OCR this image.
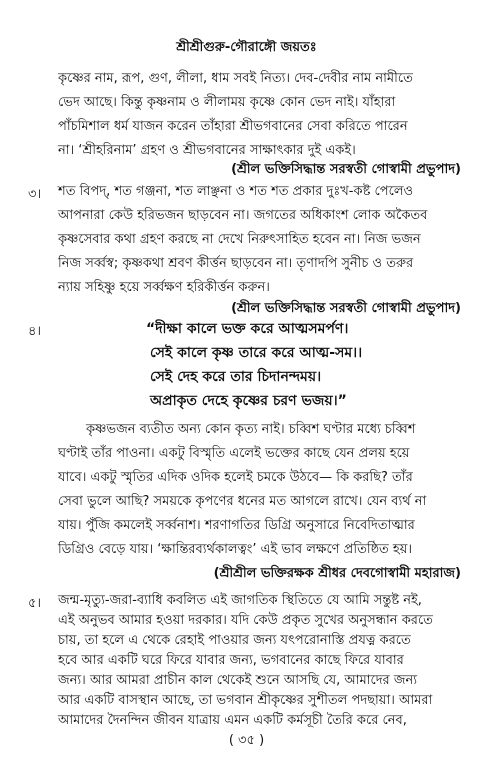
শ্রীশ্রীগুরু-গৌরাঙ্গৌ জয়তঃ
কৃষ্ণের নাম, রূপ, গুণ, লীলা, ধাম সবই নিত্য। দেব-দেবীর নাম নামীতে
ভেদ আছে। কিন্তু কৃষ্ণনাম ও লীলাময় কৃষ্ণে কোন ভেদ নাই। যাঁহারা
পাঁচমিশাল ধর্ম যাজন করেন তাঁহারা শ্রীভগবানের সেবা করিতে পারেন
না। ‘শ্রীহরিনাম’ গ্রহণ ও শ্রীভগবানের সাক্ষাৎকার দুই একই।
(শ্রীল ভক্তিসিদ্ধান্ত সরস্বতী গোস্বামী প্রভুপাদ)
৩। শত বিপদ্, শত গঞ্জনা, শত লাঞ্ছনা ও শত শত প্রকার দুঃখ-কষ্ট পেলেও
আপনারা কেউ হরিভজন ছাড়বেন না। জগতের অধিকাংশ লোক অকৈতব
কৃষ্ণসেবার কথা গ্রহণ করছে না দেখে নিরুৎসাহিত হবেন না। নিজ ভজন
নিজ সর্ব্বস্ব; কৃষ্ণকথা শ্রবণ কীর্ত্তন ছাড়বেন না। তৃণাদপি সুনীচ ও তরুর
ন্যায় সহিষ্ণু হয়ে সর্ব্বক্ষণ হরিকীর্ত্তন করুন।
(শ্রীল ভক্তিসিদ্ধান্ত সরস্বতী গোস্বামী প্রভুপাদ)
৪।	“দীক্ষা কালে ভক্ত করে আত্মসমর্পণ।
সেই কালে কৃষ্ণ তারে করে আত্ম-সম।।
সেই দেহ করে তার চিদানন্দময়।
অপ্রাকৃত দেহে কৃষ্ণের চরণ ভজয়।”
কৃষ্ণভজন ব্যতীত অন্য কোন কৃত্য নাই। চব্বিশ ঘণ্টার মধ্যে চব্বিশ
ঘণ্টাই তাঁর পাওনা। একটু বিস্মৃতি এলেই ভক্তের কাছে যেন প্রলয় হয়ে
যাবে। একটু স্মৃতির এদিক ওদিক হলেই চমকে উঠবে— কি করছি? তাঁর
সেবা ভুলে আছি? সময়কে কৃপণের ধনের মত আগলে রাখে। যেন ব্যর্থ না
যায়। পুঁজি কমলেই সর্ব্বনাশ। শরণাগতির ডিগ্রি অনুসারে নিবেদিতাত্মার
ডিগ্রিও বেড়ে যায়। ‘ক্ষান্তিরব্যর্থকালত্বং’ এই ভাব লক্ষণে প্রতিষ্ঠিত হয়।
(শ্রীশ্রীল ভক্তিরক্ষক শ্রীধর দেবগোস্বামী মহারাজ)
৫। জন্ম-মৃত্যু-জরা-ব্যাধি কবলিত এই জাগতিক স্থিতিতে যে আমি সন্তুষ্ট নই,
এই অনুভব আমার হওয়া দরকার। যদি কেউ প্রকৃত সুখের অনুসন্ধান করতে
চায়, তা হলে এ থেকে রেহাই পাওয়ার জন্য যৎপরোনাস্তি প্রযত্ন করতে
হবে আর একটি ঘরে ফিরে যাবার জন্য, ভগবানের কাছে ফিরে যাবার
জন্য। আর আমরা প্রাচীন কাল থেকেই শুনে আসছি যে, আমাদের জন্য
আর একটি বাসস্থান আছে, তা ভগবান শ্রীকৃষ্ণের সুশীতল পদছায়া। আমরা
আমাদের দৈনন্দিন জীবন যাত্রায় এমন একটি কর্মসূচী তৈরি করে নেব,
( ৩৫ )
